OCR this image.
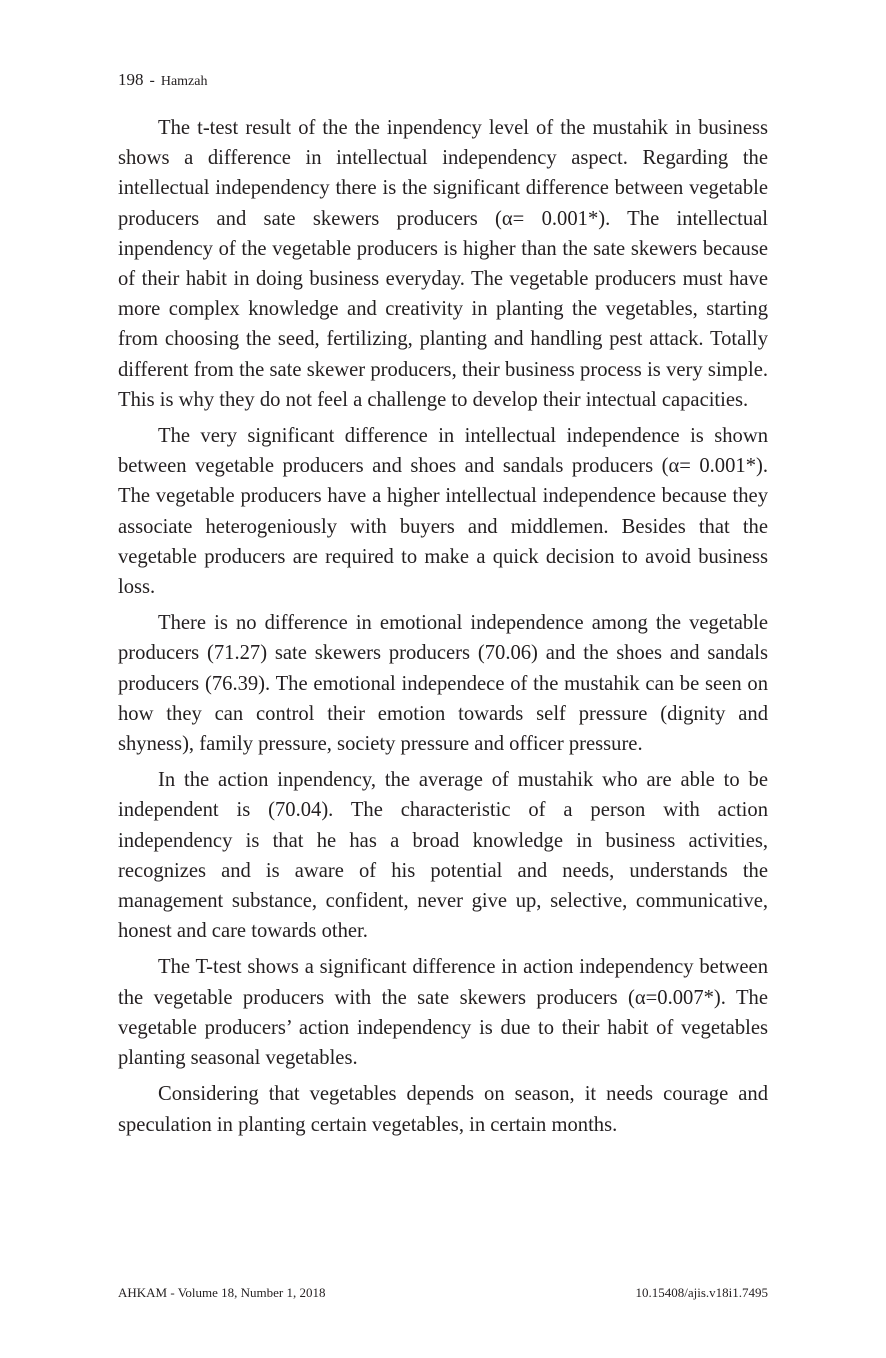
198 - Hamzah

The t-test result of the the inpendency level of the mustahik in business shows a difference in intellectual independency aspect. Regarding the intellectual independency there is the significant difference between vegetable producers and sate skewers producers (α= 0.001*). The intellectual inpendency of the vegetable producers is higher than the sate skewers because of their habit in doing business everyday. The vegetable producers must have more complex knowledge and creativity in planting the vegetables, starting from choosing the seed, fertilizing, planting and handling pest attack. Totally different from the sate skewer producers, their business process is very simple. This is why they do not feel a challenge to develop their intectual capacities.

The very significant difference in intellectual independence is shown between vegetable producers and shoes and sandals producers (α= 0.001*). The vegetable producers have a higher intellectual independence because they associate heterogeniously with buyers and middlemen. Besides that the vegetable producers are required to make a quick decision to avoid business loss.

There is no difference in emotional independence among the vegetable producers (71.27) sate skewers producers (70.06) and the shoes and sandals producers (76.39). The emotional independece of the mustahik can be seen on how they can control their emotion towards self pressure (dignity and shyness), family pressure, society pressure and officer pressure.

In the action inpendency, the average of mustahik who are able to be independent is (70.04). The characteristic of a person with action independency is that he has a broad knowledge in business activities, recognizes and is aware of his potential and needs, understands the management substance, confident, never give up, selective, communicative, honest and care towards other.

The T-test shows a significant difference in action independency between the vegetable producers with the sate skewers producers (α=0.007*). The vegetable producers’ action independency is due to their habit of vegetables planting seasonal vegetables.

Considering that vegetables depends on season, it needs courage and speculation in planting certain vegetables, in certain months.

AHKAM - Volume 18, Number 1, 2018	10.15408/ajis.v18i1.7495
